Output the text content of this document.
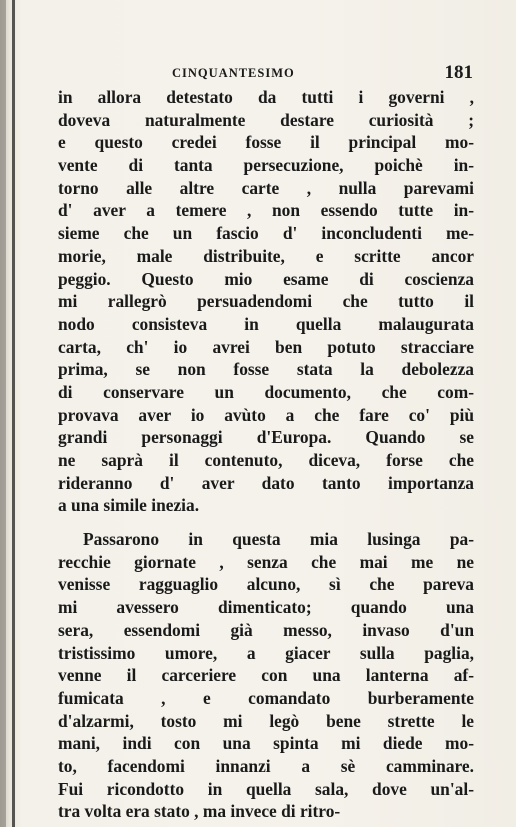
CINQUANTESIMO	181
in allora detestato da tutti i governi ,
doveva naturalmente destare curiosità ;
e questo credei fosse il principal mo-
vente di tanta persecuzione, poichè in-
torno alle altre carte , nulla parevami
d' aver a temere , non essendo tutte in-
sieme che un fascio d' inconcludenti me-
morie, male distribuite, e scritte ancor
peggio. Questo mio esame di coscienza
mi rallegrò persuadendomi che tutto il
nodo consisteva in quella malaugurata
carta, ch' io avrei ben potuto stracciare
prima, se non fosse stata la debolezza
di conservare un documento, che com-
provava aver io avùto a che fare co' più
grandi personaggi d'Europa. Quando se
ne saprà il contenuto, diceva, forse che
rideranno d' aver dato tanto importanza
a una simile inezia.
Passarono in questa mia lusinga pa-
recchie giornate , senza che mai me ne
venisse ragguaglio alcuno, sì che pareva
mi avessero dimenticato; quando una
sera, essendomi già messo, invaso d'un
tristissimo umore, a giacer sulla paglia,
venne il carceriere con una lanterna af-
fumicata , e comandato burberamente
d'alzarmi, tosto mi legò bene strette le
mani, indi con una spinta mi diede mo-
to, facendomi innanzi a sè camminare.
Fui ricondotto in quella sala, dove un'al-
tra volta era stato , ma invece di ritro-
